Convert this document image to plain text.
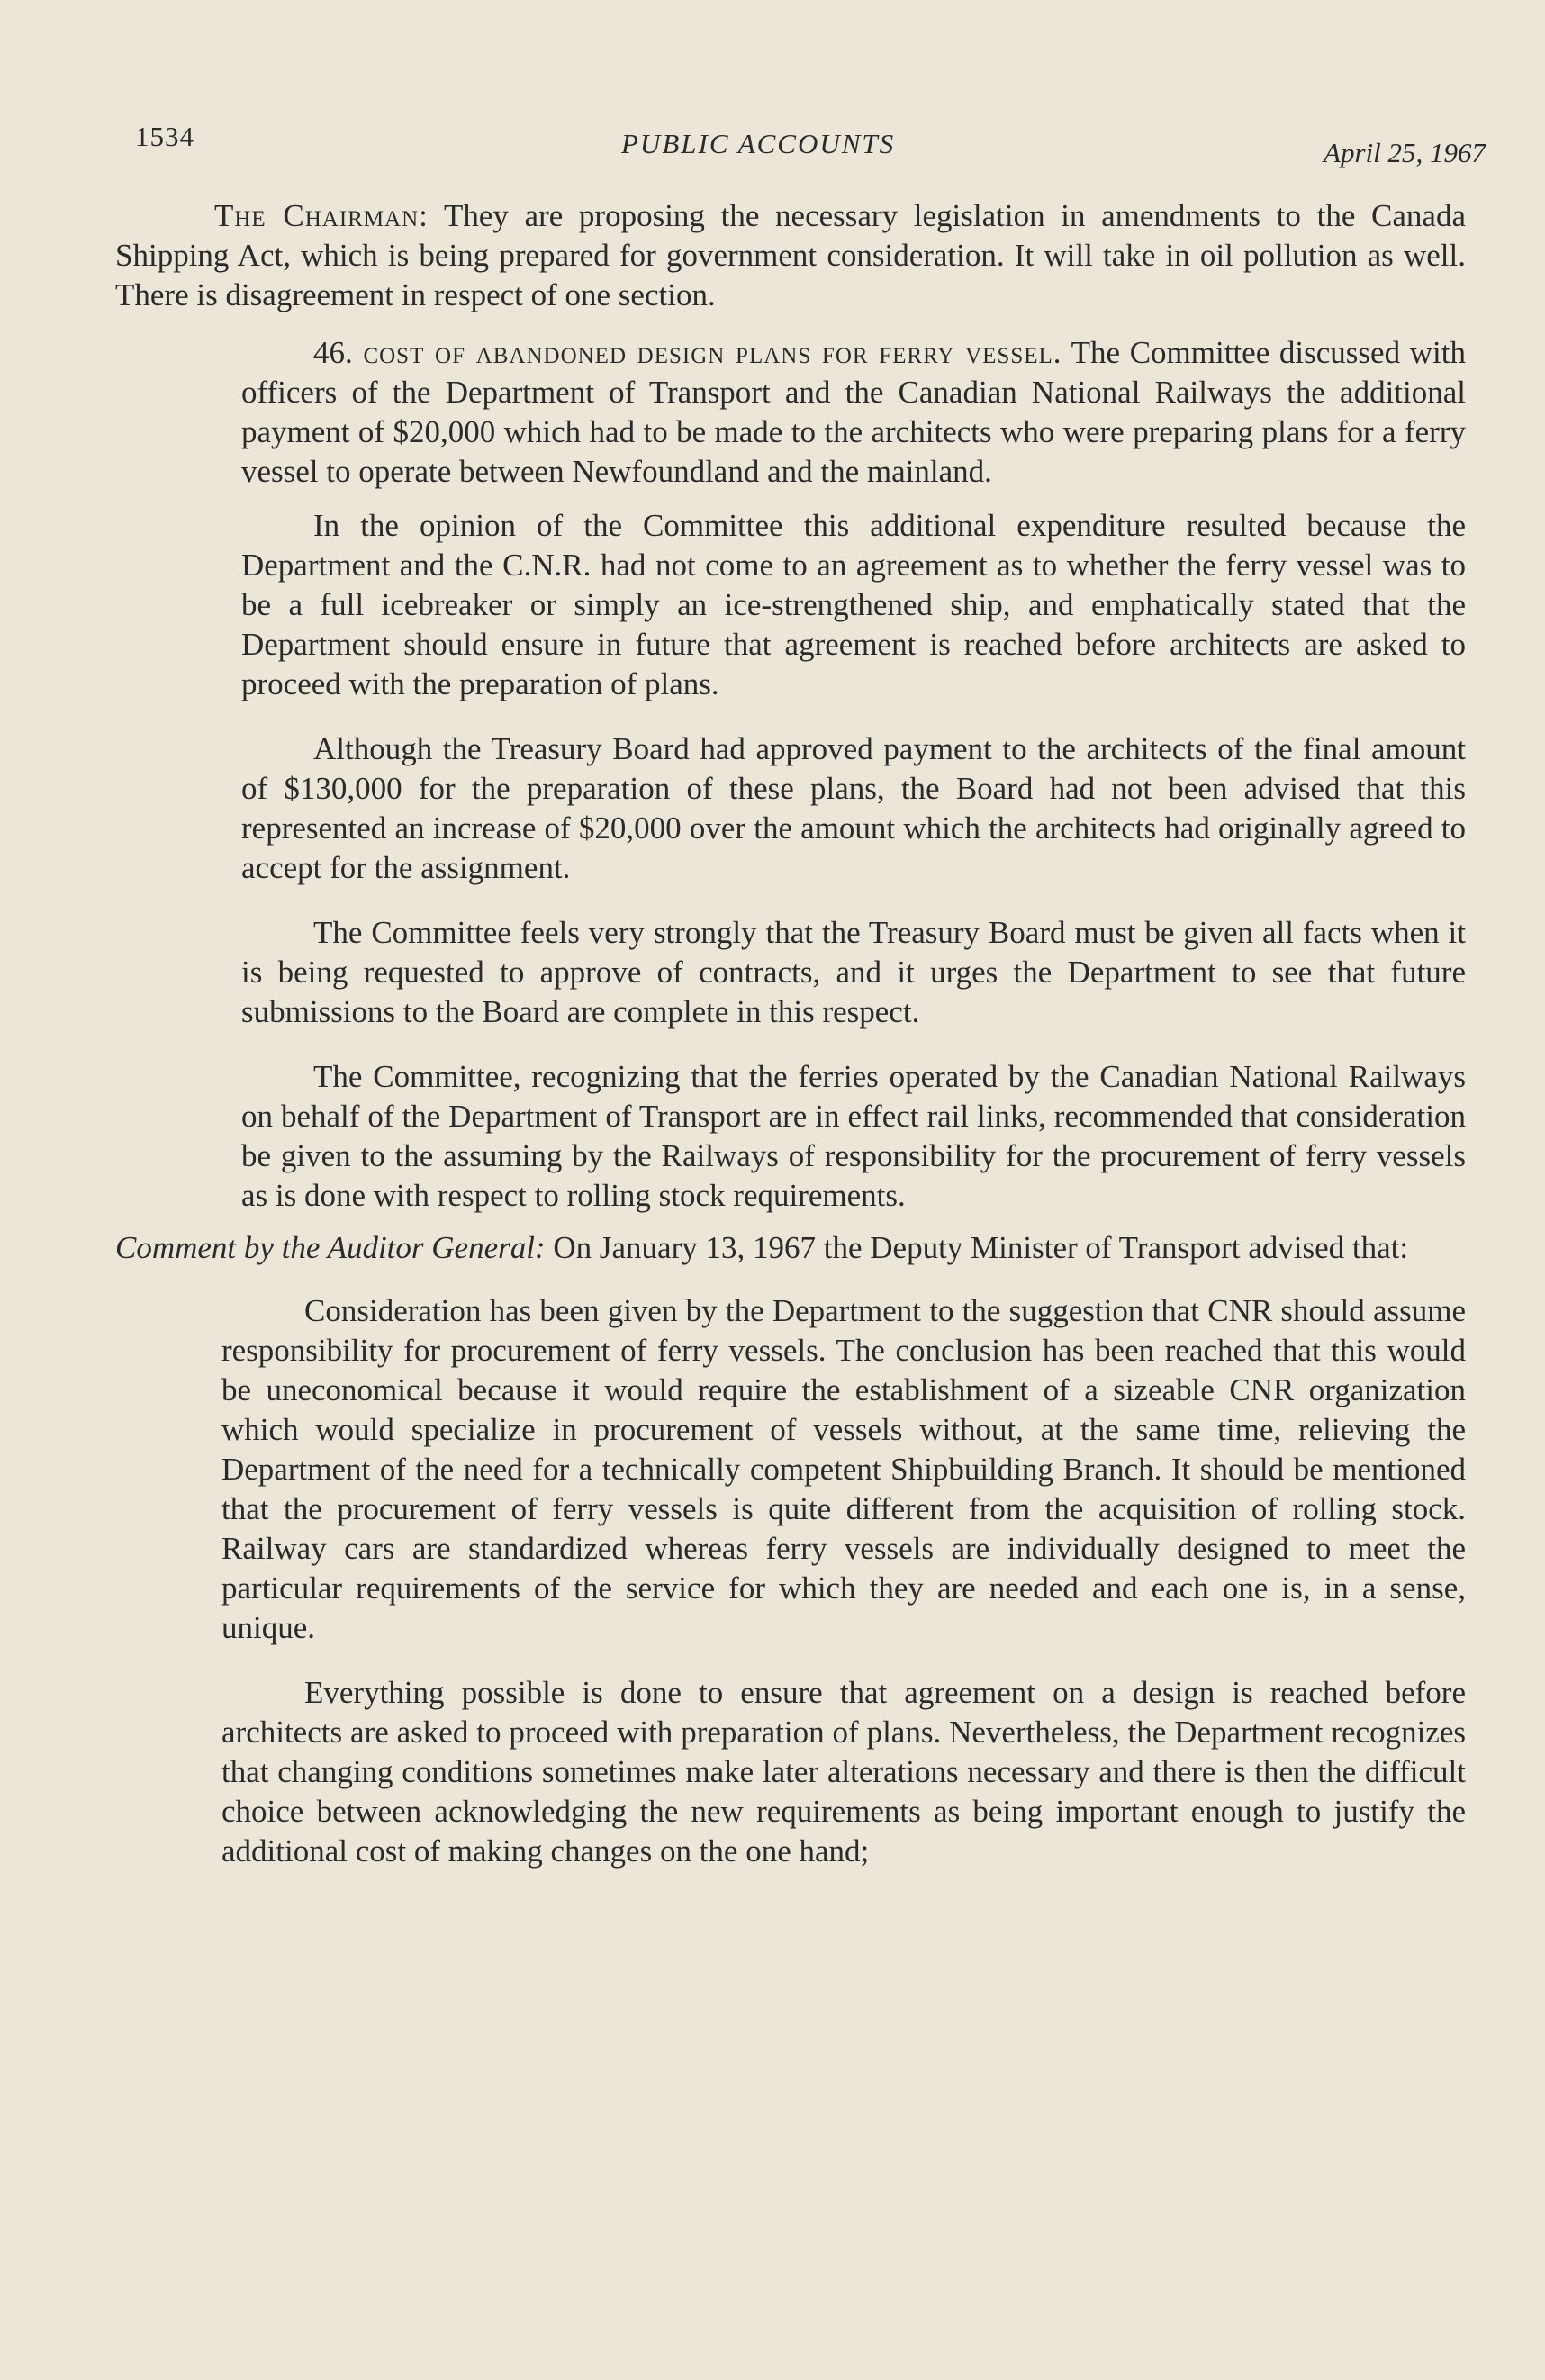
1534	PUBLIC ACCOUNTS	April 25, 1967

The Chairman: They are proposing the necessary legislation in amendments to the Canada Shipping Act, which is being prepared for government consideration. It will take in oil pollution as well. There is disagreement in respect of one section.

46. cost of abandoned design plans for ferry vessel. The Committee discussed with officers of the Department of Transport and the Canadian National Railways the additional payment of $20,000 which had to be made to the architects who were preparing plans for a ferry vessel to operate between Newfoundland and the mainland.

In the opinion of the Committee this additional expenditure resulted because the Department and the C.N.R. had not come to an agreement as to whether the ferry vessel was to be a full icebreaker or simply an ice-strengthened ship, and emphatically stated that the Department should ensure in future that agreement is reached before architects are asked to proceed with the preparation of plans.

Although the Treasury Board had approved payment to the architects of the final amount of $130,000 for the preparation of these plans, the Board had not been advised that this represented an increase of $20,000 over the amount which the architects had originally agreed to accept for the assignment.

The Committee feels very strongly that the Treasury Board must be given all facts when it is being requested to approve of contracts, and it urges the Department to see that future submissions to the Board are complete in this respect.

The Committee, recognizing that the ferries operated by the Canadian National Railways on behalf of the Department of Transport are in effect rail links, recommended that consideration be given to the assuming by the Railways of responsibility for the procurement of ferry vessels as is done with respect to rolling stock requirements.

Comment by the Auditor General: On January 13, 1967 the Deputy Minister of Transport advised that:

Consideration has been given by the Department to the suggestion that CNR should assume responsibility for procurement of ferry vessels. The conclusion has been reached that this would be uneconomical because it would require the establishment of a sizeable CNR organization which would specialize in procurement of vessels without, at the same time, relieving the Department of the need for a technically competent Shipbuilding Branch. It should be mentioned that the procurement of ferry vessels is quite different from the acquisition of rolling stock. Railway cars are standardized whereas ferry vessels are individually designed to meet the particular requirements of the service for which they are needed and each one is, in a sense, unique.

Everything possible is done to ensure that agreement on a design is reached before architects are asked to proceed with preparation of plans. Nevertheless, the Department recognizes that changing conditions sometimes make later alterations necessary and there is then the difficult choice between acknowledging the new requirements as being important enough to justify the additional cost of making changes on the one hand;
